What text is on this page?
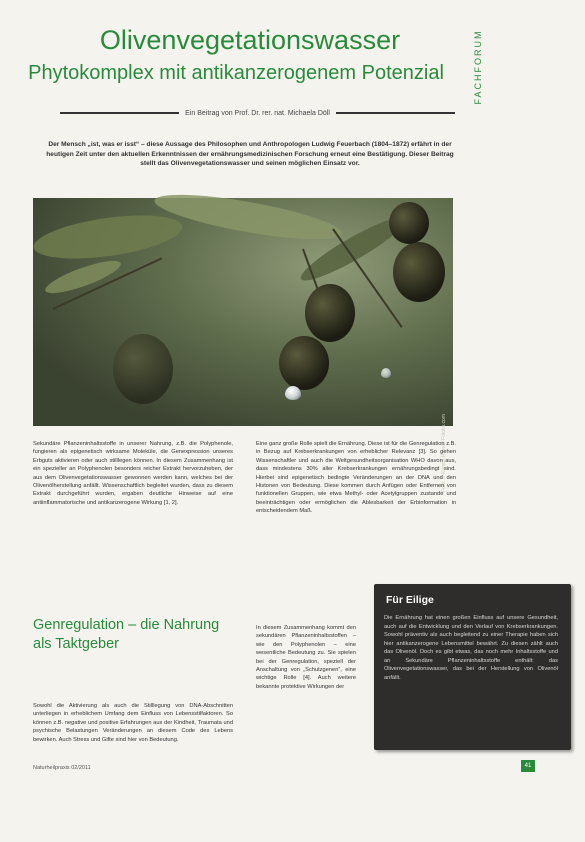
Olivenvegetationswasser
Phytokomplex mit antikanzerogenem Potenzial	FACHFORUM
Ein Beitrag von Prof. Dr. rer. nat. Michaela Döll
Der Mensch „ist, was er isst“ – diese Aussage des Philosophen und Anthropologen Ludwig Feuerbach (1804–1872) erfährt in der heutigen Zeit unter den aktuellen Erkenntnissen der ernährungsmedizinischen Forschung erneut eine Bestätigung. Dieser Beitrag stellt das Olivenvegetationswasser und seinen möglichen Einsatz vor.
Foto: © Kerstin Rinne / Fotolia.com
Sekundäre Pflanzeninhaltsstoffe in unserer Nahrung, z.B. die Polyphenole, fungieren als epigenetisch wirksame Moleküle, die Genexpression unseres Erbguts aktivieren oder auch stilllegen können. In diesem Zusammenhang ist ein spezieller an Polyphenolen besonders reicher Extrakt hervorzuheben, der aus dem Olivenvegetationswasser gewonnen werden kann, welches bei der Olivenölherstellung anfällt. Wissenschaftlich begleitet wurden, dass zu diesem Extrakt durchgeführt wurden, ergaben deutliche Hinweise auf eine antiinflammatorische und antikanzerogene Wirkung [1, 2].
Eine ganz große Rolle spielt die Ernährung. Diese ist für die Genregulation z.B. in Bezug auf Krebserkrankungen von erheblicher Relevanz [3]. So gehen Wissenschaftler und auch die Weltgesundheitsorganisation WHO davon aus, dass mindestens 30% aller Krebserkrankungen ernährungsbedingt sind. Hierbei sind epigenetisch bedingte Veränderungen an der DNA und den Histonen von Bedeutung. Diese kommen durch Anfügen oder Entfernen von funktionellen Gruppen, wie etwa Methyl- oder Acetylgruppen zustande und beeinträchtigen oder ermöglichen die Ablesbarkeit der Erbinformation in entscheidendem Maß.
Genregulation – die Nahrung als Taktgeber
In diesem Zusammenhang kommt den sekundären Pflanzeninhaltsstoffen – wie den Polyphenolen – eine wesentliche Bedeutung zu. Sie spielen bei der Genregulation, speziell der Anschaltung von „Schutzgenen“, eine wichtige Rolle [4]. Auch weitere bekannte protektive Wirkungen der
Sowohl die Aktivierung als auch die Stilllegung von DNA-Abschnitten unterliegen in erheblichem Umfang dem Einfluss von Lebensstilfaktoren. So können z.B. negative und positive Erfahrungen aus der Kindheit, Traumata und psychische Belastungen Veränderungen an diesem Code des Lebens bewirken. Auch Stress und Gifte sind hier von Bedeutung.
Für Eilige
Die Ernährung hat einen großen Einfluss auf unsere Gesundheit, auch auf die Entwicklung und den Verlauf von Krebserkrankungen. Sowohl präventiv als auch begleitend zu einer Therapie haben sich hier antikanzerogene Lebensmittel bewährt. Zu diesen zählt auch das Olivenöl. Doch es gibt etwas, das noch mehr Inhaltsstoffe und an Sekundäre Pflanzeninhaltsstoffe enthält: das Olivenvegetationswasser, das bei der Herstellung von Olivenöl anfällt.
Naturheilpraxis 02/2011	41
